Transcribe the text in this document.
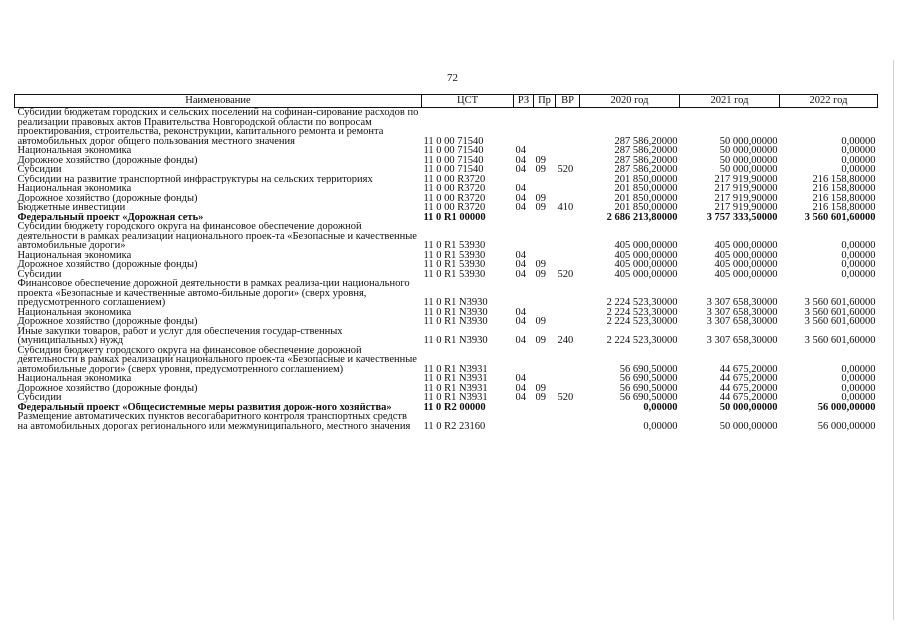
72
Наименование	ЦСТ	РЗ	Пр	ВР	2020 год	2021 год	2022 год
Субсидии бюджетам городских и сельских поселений на софинан-сирование расходов по реализации правовых актов Правительства Новгородской области по вопросам проектирования, строительства, реконструкции, капитального ремонта и ремонта автомобильных дорог общего пользования местного значения	11 0 00 71540				287 586,20000	50 000,00000	0,00000
Национальная экономика	11 0 00 71540	04			287 586,20000	50 000,00000	0,00000
Дорожное хозяйство (дорожные фонды)	11 0 00 71540	04	09		287 586,20000	50 000,00000	0,00000
Субсидии	11 0 00 71540	04	09	520	287 586,20000	50 000,00000	0,00000
Субсидии на развитие транспортной инфраструктуры на сельских территориях	11 0 00 R3720				201 850,00000	217 919,90000	216 158,80000
Национальная экономика	11 0 00 R3720	04			201 850,00000	217 919,90000	216 158,80000
Дорожное хозяйство (дорожные фонды)	11 0 00 R3720	04	09		201 850,00000	217 919,90000	216 158,80000
Бюджетные инвестиции	11 0 00 R3720	04	09	410	201 850,00000	217 919,90000	216 158,80000
Федеральный проект «Дорожная сеть»	11 0 R1 00000				2 686 213,80000	3 757 333,50000	3 560 601,60000
Субсидии бюджету городского округа на финансовое обеспечение дорожной деятельности в рамках реализации национального проек-та «Безопасные и качественные автомобильные дороги»	11 0 R1 53930				405 000,00000	405 000,00000	0,00000
Национальная экономика	11 0 R1 53930	04			405 000,00000	405 000,00000	0,00000
Дорожное хозяйство (дорожные фонды)	11 0 R1 53930	04	09		405 000,00000	405 000,00000	0,00000
Субсидии	11 0 R1 53930	04	09	520	405 000,00000	405 000,00000	0,00000
Финансовое обеспечение дорожной деятельности в рамках реализа-ции национального проекта «Безопасные и качественные автомо-бильные дороги» (сверх уровня, предусмотренного соглашением)	11 0 R1 N3930				2 224 523,30000	3 307 658,30000	3 560 601,60000
Национальная экономика	11 0 R1 N3930	04			2 224 523,30000	3 307 658,30000	3 560 601,60000
Дорожное хозяйство (дорожные фонды)	11 0 R1 N3930	04	09		2 224 523,30000	3 307 658,30000	3 560 601,60000
Иные закупки товаров, работ и услуг для обеспечения государ-ственных (муниципальных) нужд	11 0 R1 N3930	04	09	240	2 224 523,30000	3 307 658,30000	3 560 601,60000
Субсидии бюджету городского округа на финансовое обеспечение дорожной деятельности в рамках реализации национального проек-та «Безопасные и качественные автомобильные дороги» (сверх уровня, предусмотренного соглашением)	11 0 R1 N3931				56 690,50000	44 675,20000	0,00000
Национальная экономика	11 0 R1 N3931	04			56 690,50000	44 675,20000	0,00000
Дорожное хозяйство (дорожные фонды)	11 0 R1 N3931	04	09		56 690,50000	44 675,20000	0,00000
Субсидии	11 0 R1 N3931	04	09	520	56 690,50000	44 675,20000	0,00000
Федеральный проект «Общесистемные меры развития дорож-ного хозяйства»	11 0 R2 00000				0,00000	50 000,00000	56 000,00000
Размещение автоматических пунктов весогабаритного контроля транспортных средств на автомобильных дорогах регионального или межмуниципального, местного значения	11 0 R2 23160				0,00000	50 000,00000	56 000,00000
